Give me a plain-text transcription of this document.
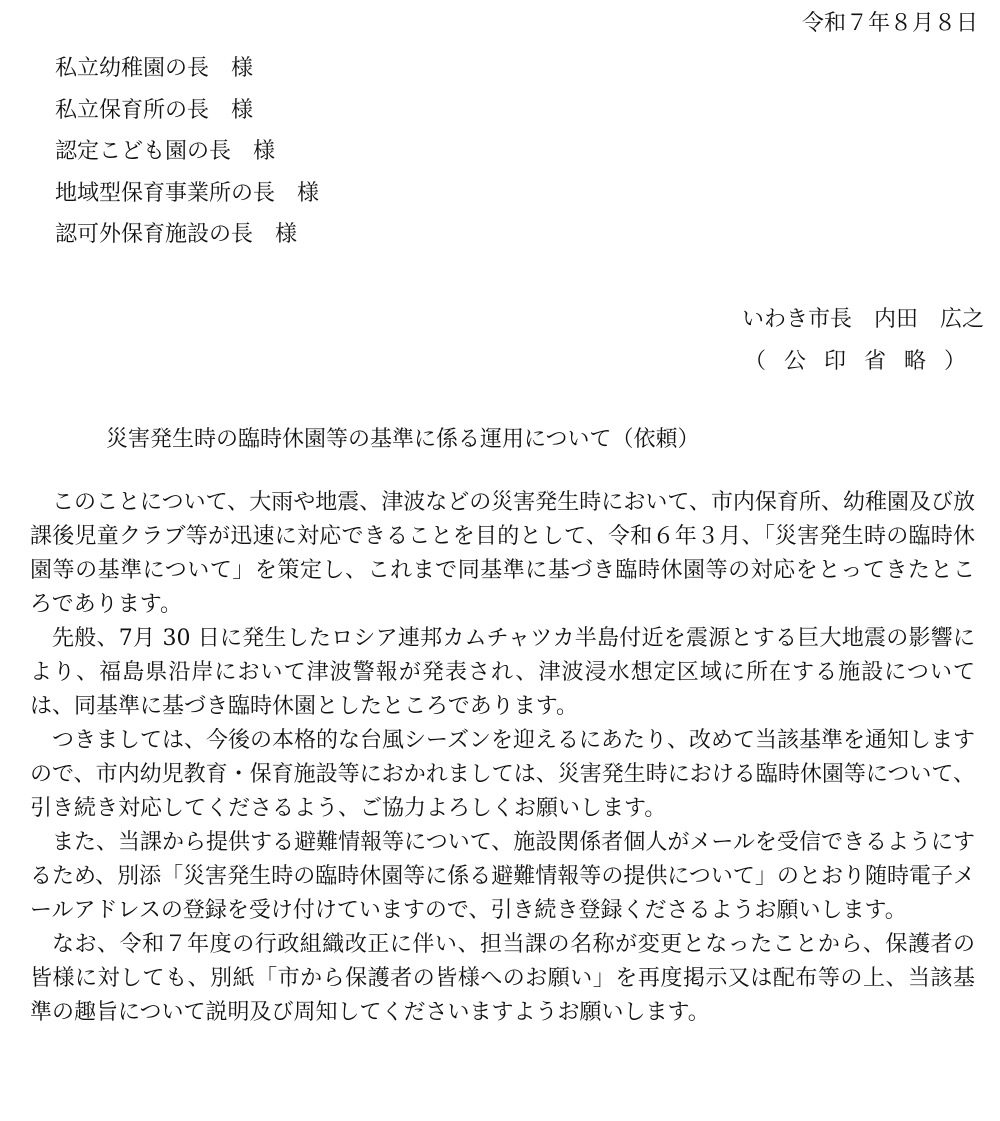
令和７年８月８日
私立幼稚園の長　様
私立保育所の長　様
認定こども園の長　様
地域型保育事業所の長　様
認可外保育施設の長　様
いわき市長　内田　広之
（公印省略）
災害発生時の臨時休園等の基準に係る運用について（依頼）

このことについて、大雨や地震、津波などの災害発生時において、市内保育所、幼稚園及び放課後児童クラブ等が迅速に対応できることを目的として、令和６年３月、「災害発生時の臨時休園等の基準について」を策定し、これまで同基準に基づき臨時休園等の対応をとってきたところであります。

先般、7月 30 日に発生したロシア連邦カムチャツカ半島付近を震源とする巨大地震の影響により、福島県沿岸において津波警報が発表され、津波浸水想定区域に所在する施設については、同基準に基づき臨時休園としたところであります。

つきましては、今後の本格的な台風シーズンを迎えるにあたり、改めて当該基準を通知しますので、市内幼児教育・保育施設等におかれましては、災害発生時における臨時休園等について、引き続き対応してくださるよう、ご協力よろしくお願いします。

また、当課から提供する避難情報等について、施設関係者個人がメールを受信できるようにするため、別添「災害発生時の臨時休園等に係る避難情報等の提供について」のとおり随時電子メールアドレスの登録を受け付けていますので、引き続き登録くださるようお願いします。

なお、令和７年度の行政組織改正に伴い、担当課の名称が変更となったことから、保護者の皆様に対しても、別紙「市から保護者の皆様へのお願い」を再度掲示又は配布等の上、当該基準の趣旨について説明及び周知してくださいますようお願いします。
